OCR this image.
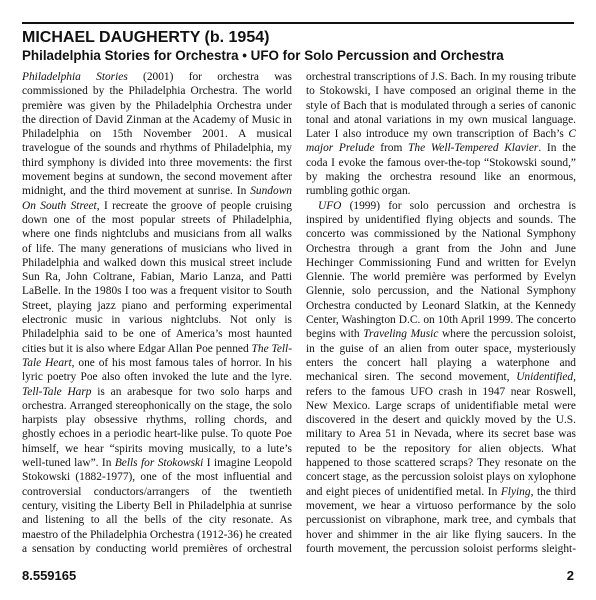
MICHAEL DAUGHERTY (b. 1954)
Philadelphia Stories for Orchestra • UFO for Solo Percussion and Orchestra

Philadelphia Stories (2001) for orchestra was commissioned by the Philadelphia Orchestra. The world première was given by the Philadelphia Orchestra under the direction of David Zinman at the Academy of Music in Philadelphia on 15th November 2001. A musical travelogue of the sounds and rhythms of Philadelphia, my third symphony is divided into three movements: the first movement begins at sundown, the second movement after midnight, and the third movement at sunrise. In Sundown On South Street, I recreate the groove of people cruising down one of the most popular streets of Philadelphia, where one finds nightclubs and musicians from all walks of life. The many generations of musicians who lived in Philadelphia and walked down this musical street include Sun Ra, John Coltrane, Fabian, Mario Lanza, and Patti LaBelle. In the 1980s I too was a frequent visitor to South Street, playing jazz piano and performing experimental electronic music in various nightclubs. Not only is Philadelphia said to be one of America’s most haunted cities but it is also where Edgar Allan Poe penned The Tell-Tale Heart, one of his most famous tales of horror. In his lyric poetry Poe also often invoked the lute and the lyre. Tell-Tale Harp is an arabesque for two solo harps and orchestra. Arranged stereophonically on the stage, the solo harpists play obsessive rhythms, rolling chords, and ghostly echoes in a periodic heart-like pulse. To quote Poe himself, we hear “spirits moving musically, to a lute’s well-tuned law”. In Bells for Stokowski I imagine Leopold Stokowski (1882-1977), one of the most influential and controversial conductors/arrangers of the twentieth century, visiting the Liberty Bell in Philadelphia at sunrise and listening to all the bells of the city resonate. As maestro of the Philadelphia Orchestra (1912-36) he created a sensation by conducting world premières of orchestral

orchestral transcriptions of J.S. Bach. In my rousing tribute to Stokowski, I have composed an original theme in the style of Bach that is modulated through a series of canonic tonal and atonal variations in my own musical language. Later I also introduce my own transcription of Bach’s C major Prelude from The Well-Tempered Klavier. In the coda I evoke the famous over-the-top “Stokowski sound,” by making the orchestra resound like an enormous, rumbling gothic organ.

UFO (1999) for solo percussion and orchestra is inspired by unidentified flying objects and sounds. The concerto was commissioned by the National Symphony Orchestra through a grant from the John and June Hechinger Commissioning Fund and written for Evelyn Glennie. The world première was performed by Evelyn Glennie, solo percussion, and the National Symphony Orchestra conducted by Leonard Slatkin, at the Kennedy Center, Washington D.C. on 10th April 1999. The concerto begins with Traveling Music where the percussion soloist, in the guise of an alien from outer space, mysteriously enters the concert hall playing a waterphone and mechanical siren. The second movement, Unidentified, refers to the famous UFO crash in 1947 near Roswell, New Mexico. Large scraps of unidentifiable metal were discovered in the desert and quickly moved by the U.S. military to Area 51 in Nevada, where its secret base was reputed to be the repository for alien objects. What happened to those scattered scraps? They resonate on the concert stage, as the percussion soloist plays on xylophone and eight pieces of unidentified metal. In Flying, the third movement, we hear a virtuoso performance by the solo percussionist on vibraphone, mark tree, and cymbals that hover and shimmer in the air like flying saucers. In the fourth movement, the percussion soloist performs sleight-

8.559165	2
